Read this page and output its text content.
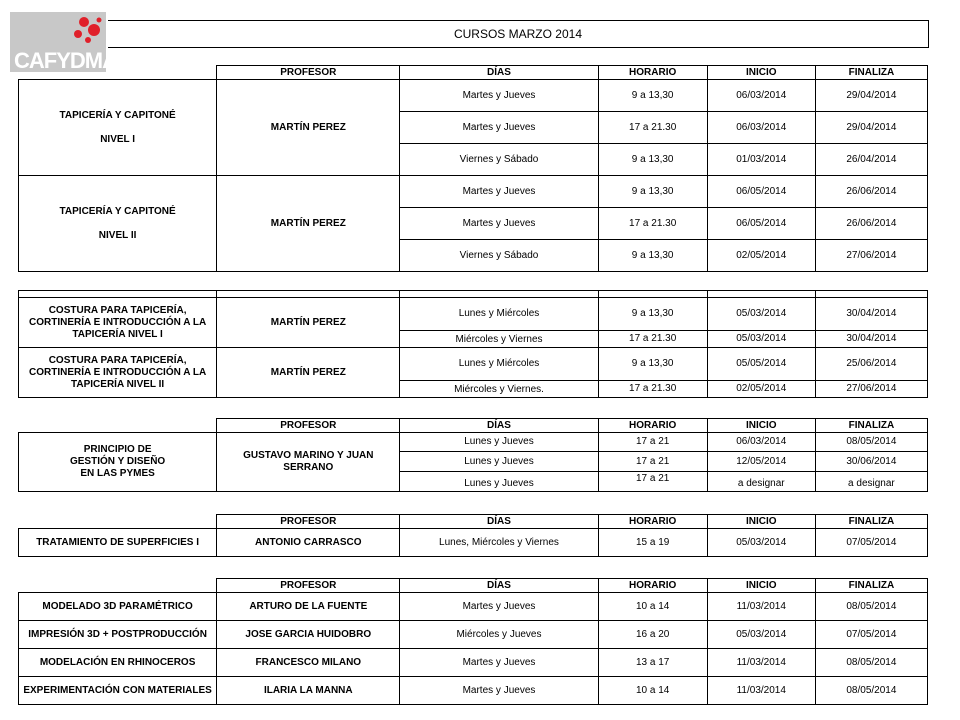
CAFYDMA
CURSOS MARZO 2014
	PROFESOR	DÍAS	HORARIO	INICIO	FINALIZA

TAPICERÍA Y CAPITONÉ

NIVEL I	MARTÍN PEREZ	Martes y Jueves	9 a 13,30	06/03/2014	29/04/2014
		Martes y Jueves	17 a 21.30	06/03/2014	29/04/2014
		Viernes y Sábado	9 a 13,30	01/03/2014	26/04/2014

TAPICERÍA Y CAPITONÉ

NIVEL II	MARTÍN PEREZ	Martes y Jueves	9 a 13,30	06/05/2014	26/06/2014
		Martes y Jueves	17 a 21.30	06/05/2014	26/06/2014
		Viernes y Sábado	9 a 13,30	02/05/2014	27/06/2014

COSTURA PARA TAPICERÍA, CORTINERÍA E INTRODUCCIÓN A LA TAPICERÍA NIVEL I	MARTÍN PEREZ	Lunes y Miércoles	9 a 13,30	05/03/2014	30/04/2014
		Miércoles y Viernes	17 a 21.30	05/03/2014	30/04/2014
COSTURA PARA TAPICERÍA, CORTINERÍA E INTRODUCCIÓN A LA TAPICERÍA NIVEL II	MARTÍN PEREZ	Lunes y Miércoles	9 a 13,30	05/05/2014	25/06/2014
		Miércoles y Viernes.	17 a 21.30	02/05/2014	27/06/2014
	PROFESOR	DÍAS	HORARIO	INICIO	FINALIZA

PRINCIPIO DE
GESTIÓN Y DISEÑO
EN LAS PYMES	GUSTAVO MARINO Y JUAN SERRANO	Lunes y Jueves	17 a 21	06/03/2014	08/05/2014
		Lunes y Jueves	17 a 21	12/05/2014	30/06/2014
		Lunes y Jueves	17 a 21	a designar	a designar
	PROFESOR	DÍAS	HORARIO	INICIO	FINALIZA
TRATAMIENTO DE SUPERFICIES I	ANTONIO CARRASCO	Lunes, Miércoles y Viernes	15 a 19	05/03/2014	07/05/2014
	PROFESOR	DÍAS	HORARIO	INICIO	FINALIZA
MODELADO 3D PARAMÉTRICO	ARTURO DE LA FUENTE	Martes y Jueves	10 a 14	11/03/2014	08/05/2014
IMPRESIÓN 3D + POSTPRODUCCIÓN	JOSE GARCIA HUIDOBRO	Miércoles y Jueves	16 a 20	05/03/2014	07/05/2014
MODELACIÓN EN RHINOCEROS	FRANCESCO MILANO	Martes y Jueves	13 a 17	11/03/2014	08/05/2014
EXPERIMENTACIÓN CON MATERIALES	ILARIA LA MANNA	Martes y Jueves	10 a 14	11/03/2014	08/05/2014
